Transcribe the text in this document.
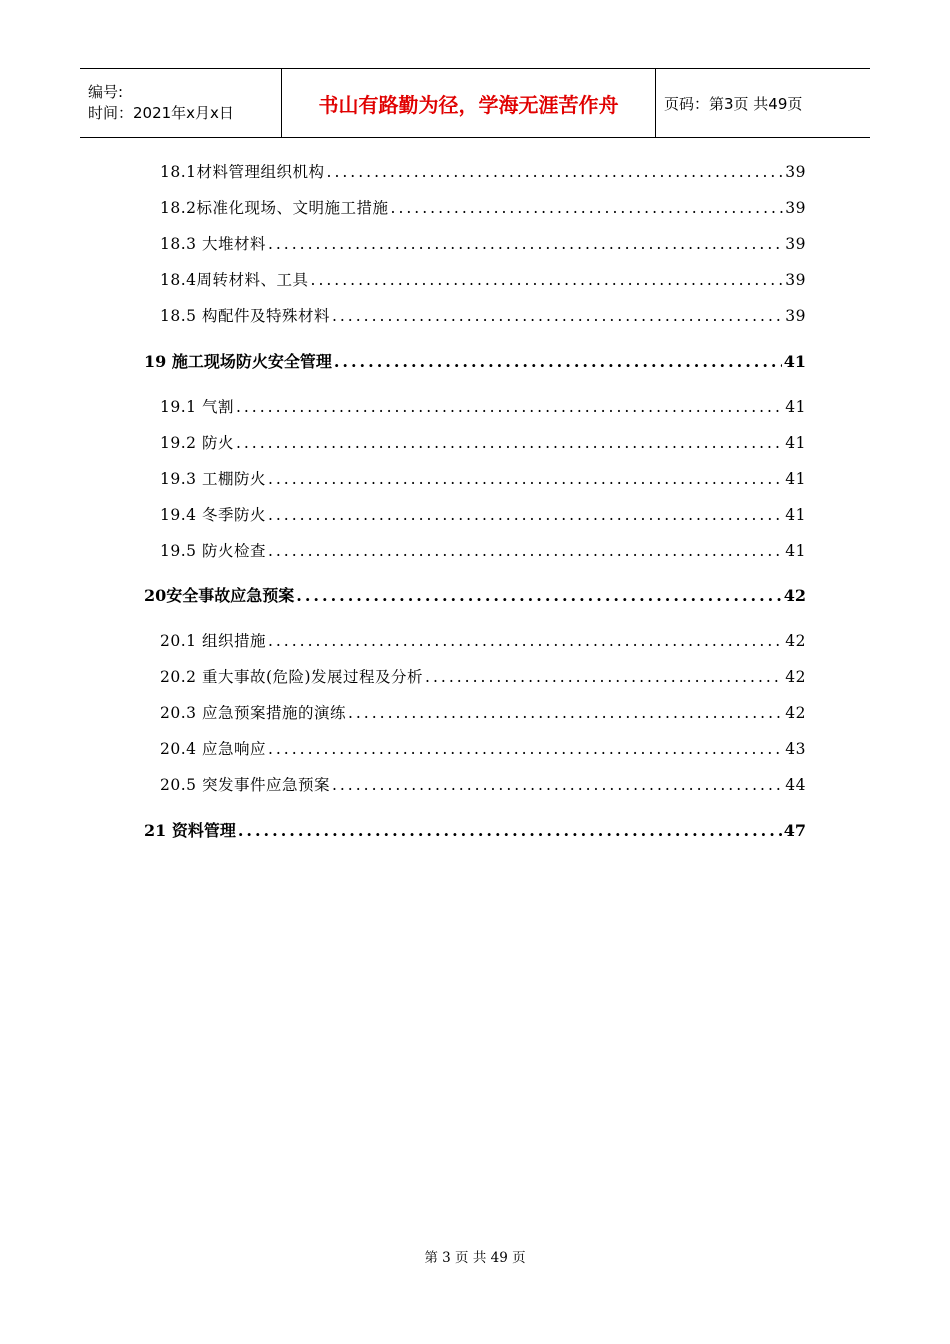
编号:
时间：2021年x月x日	书山有路勤为径，学海无涯苦作舟	页码：第3页 共49页
18.1材料管理组织机构 .....	39
18.2标准化现场、文明施工措施 .....	39
18.3 大堆材料 .....	39
18.4周转材料、工具 .....	39
18.5 构配件及特殊材料 .....	39
19 施工现场防火安全管理 .....	41
19.1 气割 .....	41
19.2 防火 .....	41
19.3 工棚防火 .....	41
19.4 冬季防火 .....	41
19.5 防火检查 .....	41
20安全事故应急预案 .....	42
20.1 组织措施 .....	42
20.2 重大事故(危险)发展过程及分析 .....	42
20.3 应急预案措施的演练 .....	42
20.4 应急响应 .....	43
20.5 突发事件应急预案 .....	44
21 资料管理 .....	47
第 3 页 共 49 页
